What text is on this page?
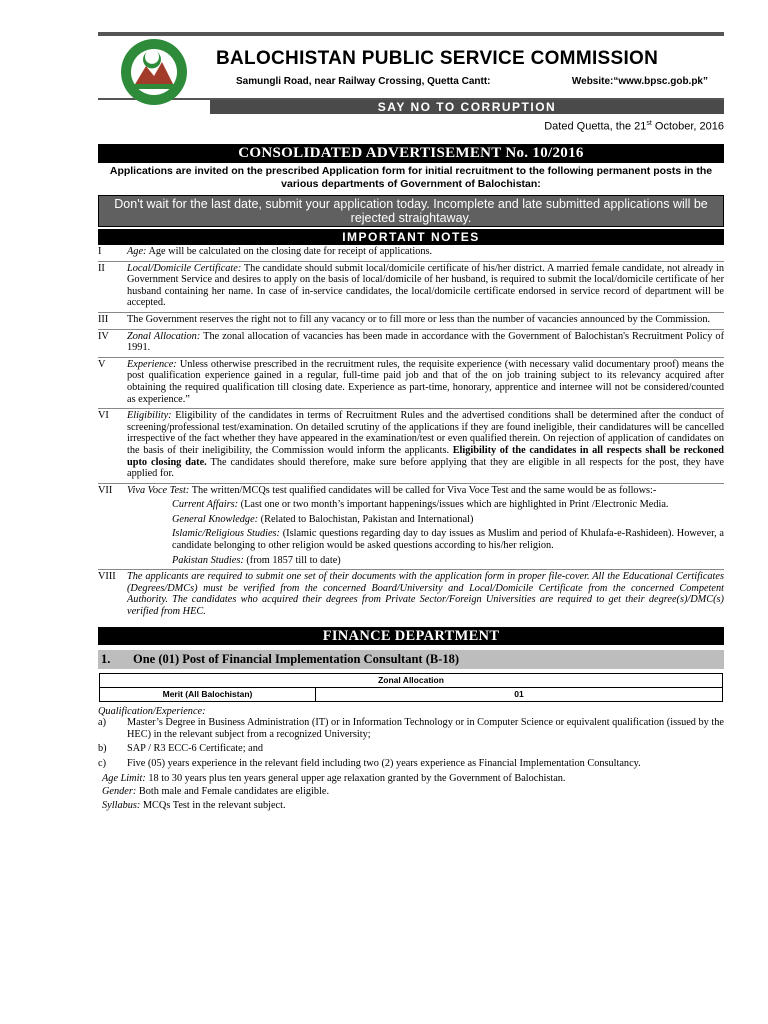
BALOCHISTAN PUBLIC SERVICE COMMISSION
Samungli Road, near Railway Crossing, Quetta Cantt:	Website:“www.bpsc.gob.pk”
SAY NO TO CORRUPTION
Dated Quetta, the 21st October, 2016
CONSOLIDATED ADVERTISEMENT No. 10/2016
Applications are invited on the prescribed Application form for initial recruitment to the following permanent posts in the various departments of Government of Balochistan:
Don't wait for the last date, submit your application today. Incomplete and late submitted applications will be rejected straightaway.
IMPORTANT NOTES
I	Age: Age will be calculated on the closing date for receipt of applications.
II	Local/Domicile Certificate: The candidate should submit local/domicile certificate of his/her district. A married female candidate, not already in Government Service and desires to apply on the basis of local/domicile of her husband, is required to submit the local/domicile certificate of her husband containing her name. In case of in-service candidates, the local/domicile certificate endorsed in service record of department will be accepted.
III	The Government reserves the right not to fill any vacancy or to fill more or less than the number of vacancies announced by the Commission.
IV	Zonal Allocation: The zonal allocation of vacancies has been made in accordance with the Government of Balochistan's Recruitment Policy of 1991.
V	Experience: Unless otherwise prescribed in the recruitment rules, the requisite experience (with necessary valid documentary proof) means the post qualification experience gained in a regular, full-time paid job and that of the on job training subject to its relevancy acquired after obtaining the required qualification till closing date. Experience as part-time, honorary, apprentice and internee will not be considered/counted as experience.”
VI	Eligibility: Eligibility of the candidates in terms of Recruitment Rules and the advertised conditions shall be determined after the conduct of screening/professional test/examination. On detailed scrutiny of the applications if they are found ineligible, their candidatures will be cancelled irrespective of the fact whether they have appeared in the examination/test or even qualified therein. On rejection of application of candidates on the basis of their ineligibility, the Commission would inform the applicants. Eligibility of the candidates in all respects shall be reckoned upto closing date. The candidates should therefore, make sure before applying that they are eligible in all respects for the post, they have applied for.
VII	Viva Voce Test: The written/MCQs test qualified candidates will be called for Viva Voce Test and the same would be as follows:-
Current Affairs: (Last one or two month’s important happenings/issues which are highlighted in Print /Electronic Media.
General Knowledge: (Related to Balochistan, Pakistan and International)
Islamic/Religious Studies: (Islamic questions regarding day to day issues as Muslim and period of Khulafa-e-Rashideen). However, a candidate belonging to other religion would be asked questions according to his/her religion.
Pakistan Studies: (from 1857 till to date)
VIII	The applicants are required to submit one set of their documents with the application form in proper file-cover. All the Educational Certificates (Degrees/DMCs) must be verified from the concerned Board/University and Local/Domicile Certificate from the concerned Competent Authority. The candidates who acquired their degrees from Private Sector/Foreign Universities are required to get their degree(s)/DMC(s) verified from HEC.
FINANCE DEPARTMENT
1. One (01) Post of Financial Implementation Consultant (B-18)
Zonal Allocation
Merit (All Balochistan)	01
Qualification/Experience:
a)	Master’s Degree in Business Administration (IT) or in Information Technology or in Computer Science or equivalent qualification (issued by the HEC) in the relevant subject from a recognized University;
b)	SAP / R3 ECC-6 Certificate; and
c)	Five (05) years experience in the relevant field including two (2) years experience as Financial Implementation Consultancy.
Age Limit: 18 to 30 years plus ten years general upper age relaxation granted by the Government of Balochistan.
Gender: Both male and Female candidates are eligible.
Syllabus: MCQs Test in the relevant subject.
